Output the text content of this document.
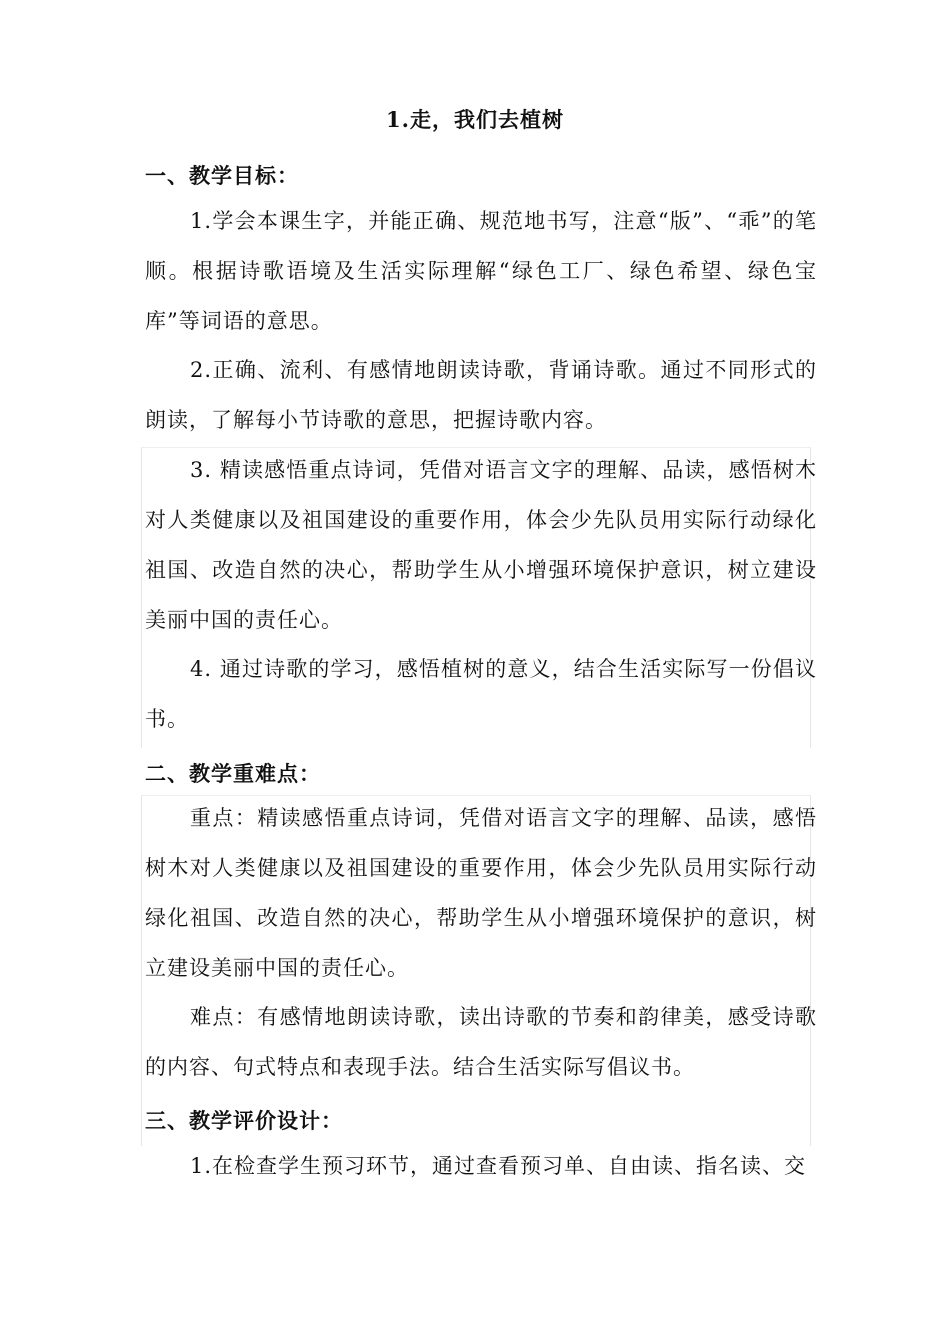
1.走，我们去植树
一、教学目标：
1.学会本课生字，并能正确、规范地书写，注意“版”、“乖”的笔顺。根据诗歌语境及生活实际理解“绿色工厂、绿色希望、绿色宝库”等词语的意思。
2.正确、流利、有感情地朗读诗歌，背诵诗歌。通过不同形式的朗读，了解每小节诗歌的意思，把握诗歌内容。
3. 精读感悟重点诗词，凭借对语言文字的理解、品读，感悟树木对人类健康以及祖国建设的重要作用，体会少先队员用实际行动绿化祖国、改造自然的决心，帮助学生从小增强环境保护意识，树立建设美丽中国的责任心。
4. 通过诗歌的学习，感悟植树的意义，结合生活实际写一份倡议书。
二、教学重难点：
重点：精读感悟重点诗词，凭借对语言文字的理解、品读，感悟树木对人类健康以及祖国建设的重要作用，体会少先队员用实际行动绿化祖国、改造自然的决心，帮助学生从小增强环境保护的意识，树立建设美丽中国的责任心。
难点：有感情地朗读诗歌，读出诗歌的节奏和韵律美，感受诗歌的内容、句式特点和表现手法。结合生活实际写倡议书。
三、教学评价设计：
1.在检查学生预习环节，通过查看预习单、自由读、指名读、交
